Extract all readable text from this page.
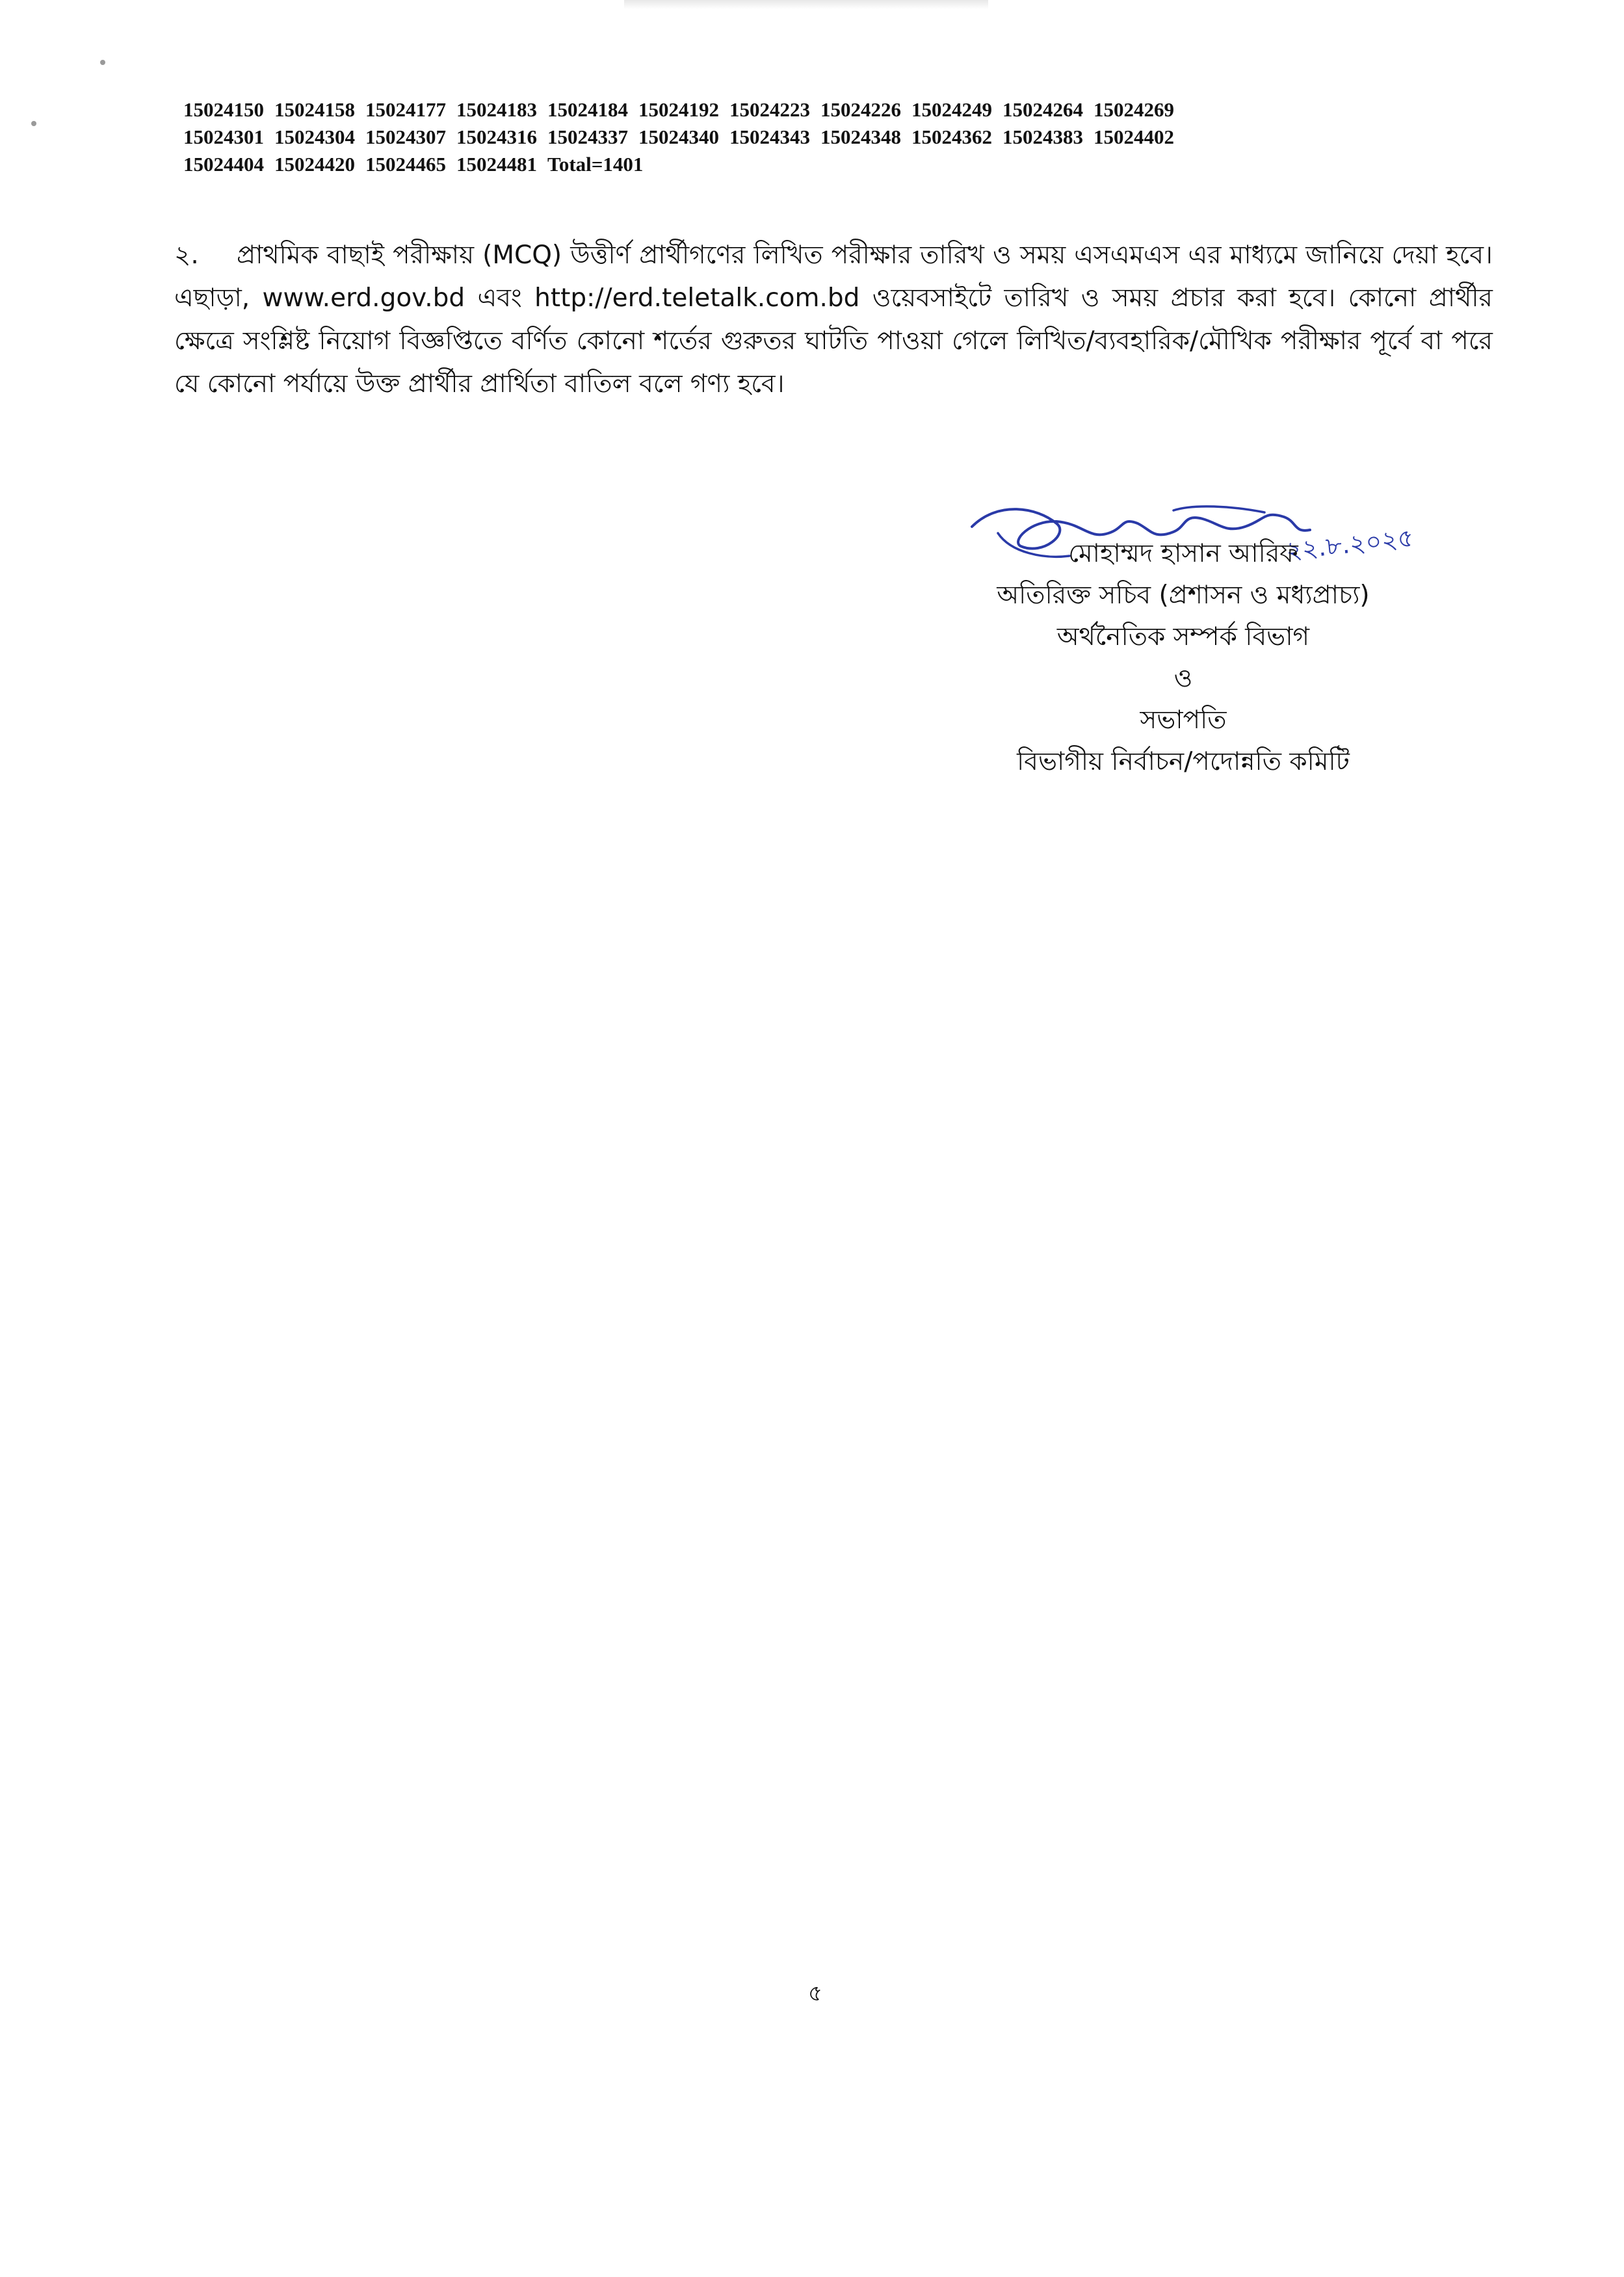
15024150 15024158 15024177 15024183 15024184 15024192 15024223 15024226 15024249 15024264 15024269
15024301 15024304 15024307 15024316 15024337 15024340 15024343 15024348 15024362 15024383 15024402
15024404 15024420 15024465 15024481 Total=1401
২. প্রাথমিক বাছাই পরীক্ষায় (MCQ) উত্তীর্ণ প্রার্থীগণের লিখিত পরীক্ষার তারিখ ও সময় এসএমএস এর মাধ্যমে জানিয়ে দেয়া হবে। এছাড়া, www.erd.gov.bd এবং http://erd.teletalk.com.bd ওয়েবসাইটে তারিখ ও সময় প্রচার করা হবে। কোনো প্রার্থীর ক্ষেত্রে সংশ্লিষ্ট নিয়োগ বিজ্ঞপ্তিতে বর্ণিত কোনো শর্তের গুরুতর ঘাটতি পাওয়া গেলে লিখিত/ব্যবহারিক/মৌখিক পরীক্ষার পূর্বে বা পরে যে কোনো পর্যায়ে উক্ত প্রার্থীর প্রার্থিতা বাতিল বলে গণ্য হবে।
২২.৮.২০২৫
মোহাম্মদ হাসান আরিফ
অতিরিক্ত সচিব (প্রশাসন ও মধ্যপ্রাচ্য)
অর্থনৈতিক সম্পর্ক বিভাগ
ও
সভাপতি
বিভাগীয় নির্বাচন/পদোন্নতি কমিটি
৫
